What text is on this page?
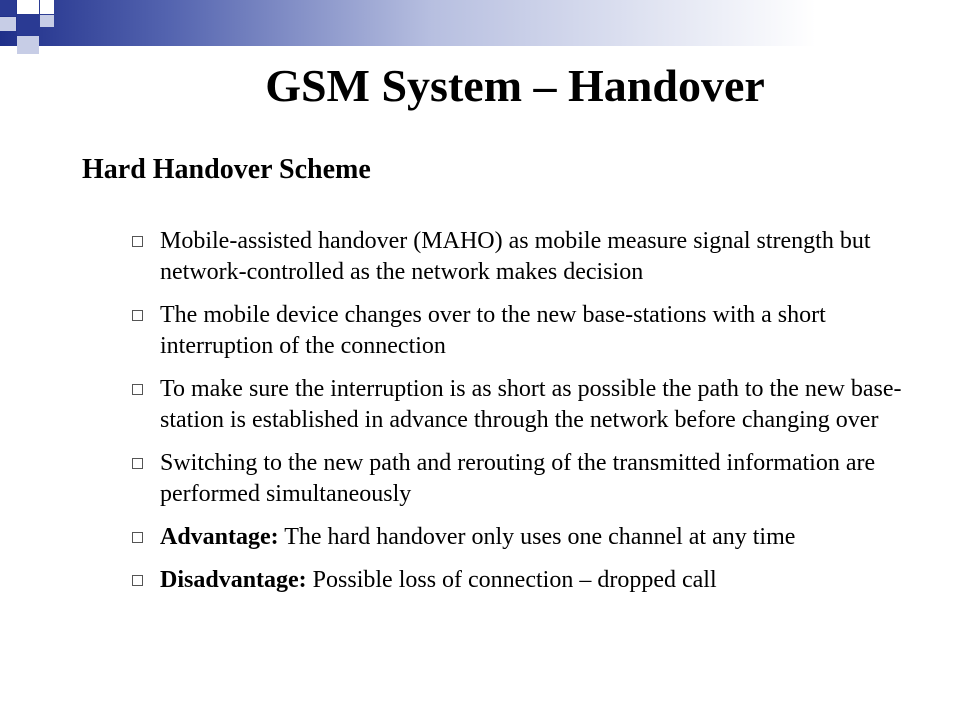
GSM System – Handover
Hard Handover Scheme
Mobile-assisted handover (MAHO) as mobile measure signal strength but network-controlled as the network makes decision
The mobile device changes over to the new base-stations with a short interruption of the connection
To make sure the interruption is as short as possible the path to the new base-station is established in advance through the network before changing over
Switching to the new path and rerouting of the transmitted information are performed simultaneously
Advantage: The hard handover only uses one channel at any time
Disadvantage: Possible loss of connection – dropped call
